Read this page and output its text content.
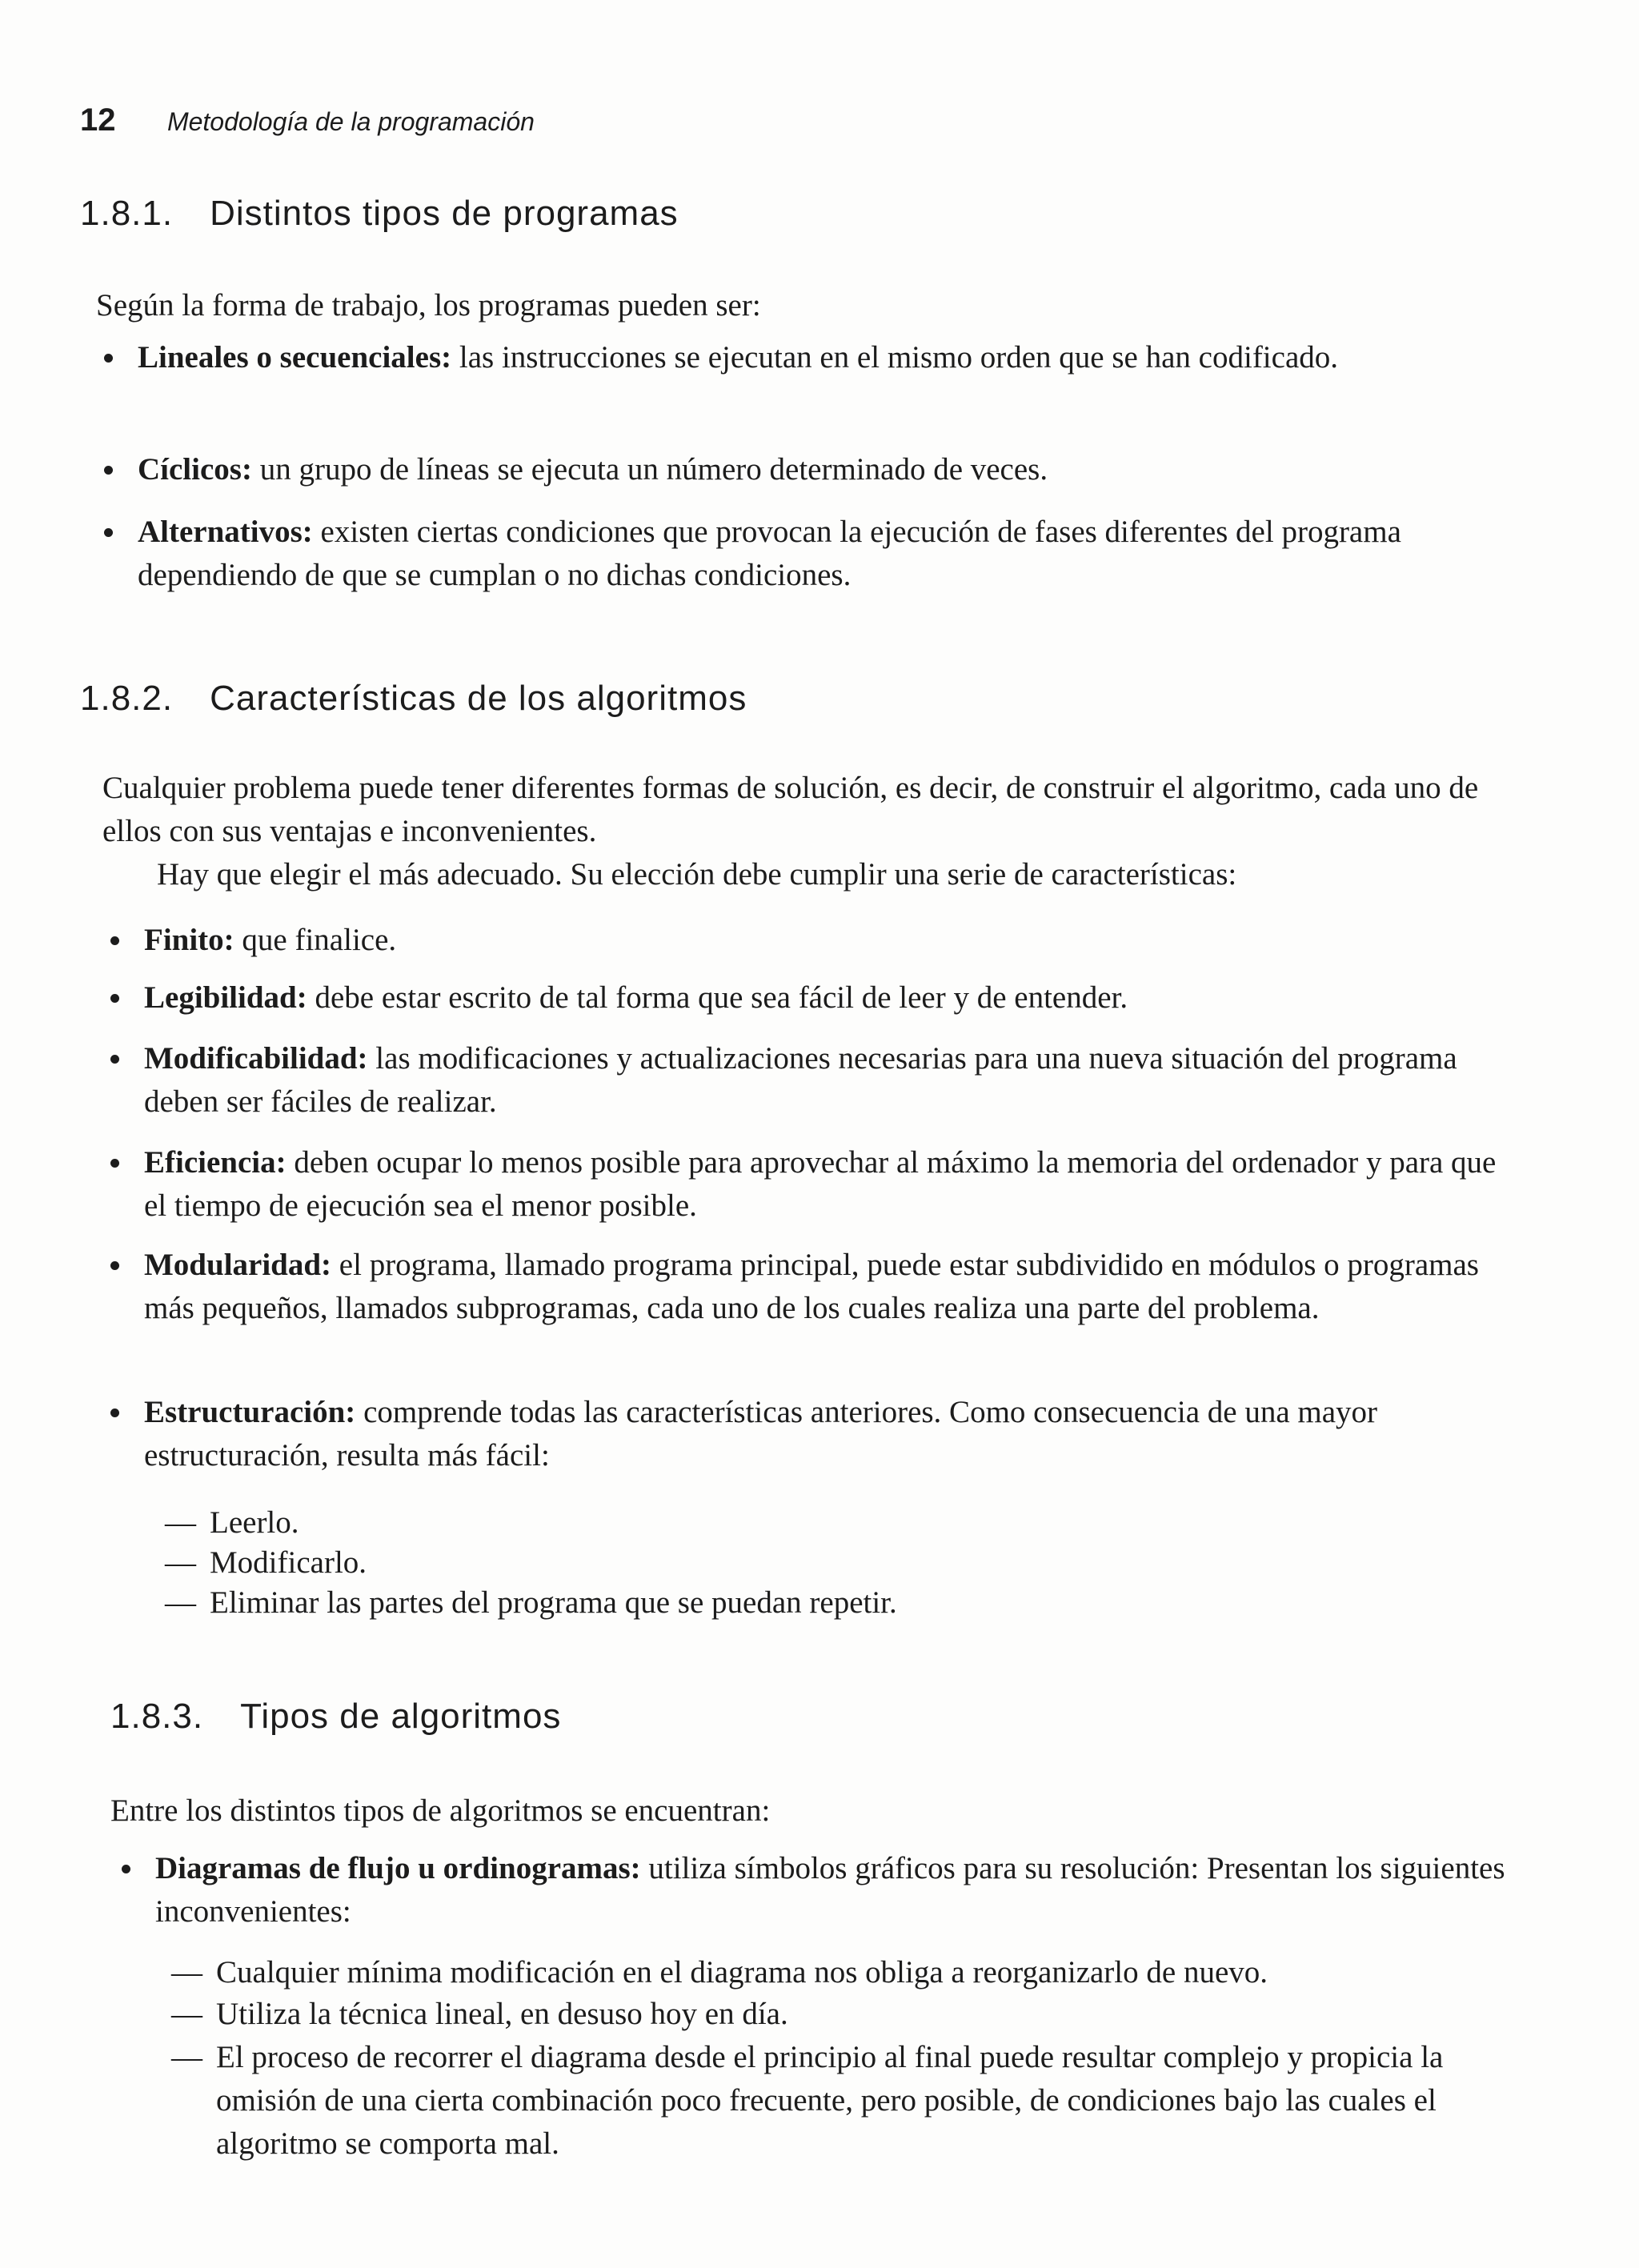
12 Metodología de la programación
1.8.1. Distintos tipos de programas
Según la forma de trabajo, los programas pueden ser:
Lineales o secuenciales: las instrucciones se ejecutan en el mismo orden que se han codificado.
Cíclicos: un grupo de líneas se ejecuta un número determinado de veces.
Alternativos: existen ciertas condiciones que provocan la ejecución de fases diferentes del programa dependiendo de que se cumplan o no dichas condiciones.
1.8.2. Características de los algoritmos
Cualquier problema puede tener diferentes formas de solución, es decir, de construir el algoritmo, cada uno de ellos con sus ventajas e inconvenientes.
Hay que elegir el más adecuado. Su elección debe cumplir una serie de características:
Finito: que finalice.
Legibilidad: debe estar escrito de tal forma que sea fácil de leer y de entender.
Modificabilidad: las modificaciones y actualizaciones necesarias para una nueva situación del programa deben ser fáciles de realizar.
Eficiencia: deben ocupar lo menos posible para aprovechar al máximo la memoria del ordenador y para que el tiempo de ejecución sea el menor posible.
Modularidad: el programa, llamado programa principal, puede estar subdividido en módulos o programas más pequeños, llamados subprogramas, cada uno de los cuales realiza una parte del problema.
Estructuración: comprende todas las características anteriores. Como consecuencia de una mayor estructuración, resulta más fácil:
— Leerlo.
— Modificarlo.
— Eliminar las partes del programa que se puedan repetir.
1.8.3. Tipos de algoritmos
Entre los distintos tipos de algoritmos se encuentran:
Diagramas de flujo u ordinogramas: utiliza símbolos gráficos para su resolución: Presentan los siguientes inconvenientes:
— Cualquier mínima modificación en el diagrama nos obliga a reorganizarlo de nuevo.
— Utiliza la técnica lineal, en desuso hoy en día.
— El proceso de recorrer el diagrama desde el principio al final puede resultar complejo y propicia la omisión de una cierta combinación poco frecuente, pero posible, de condiciones bajo las cuales el algoritmo se comporta mal.
